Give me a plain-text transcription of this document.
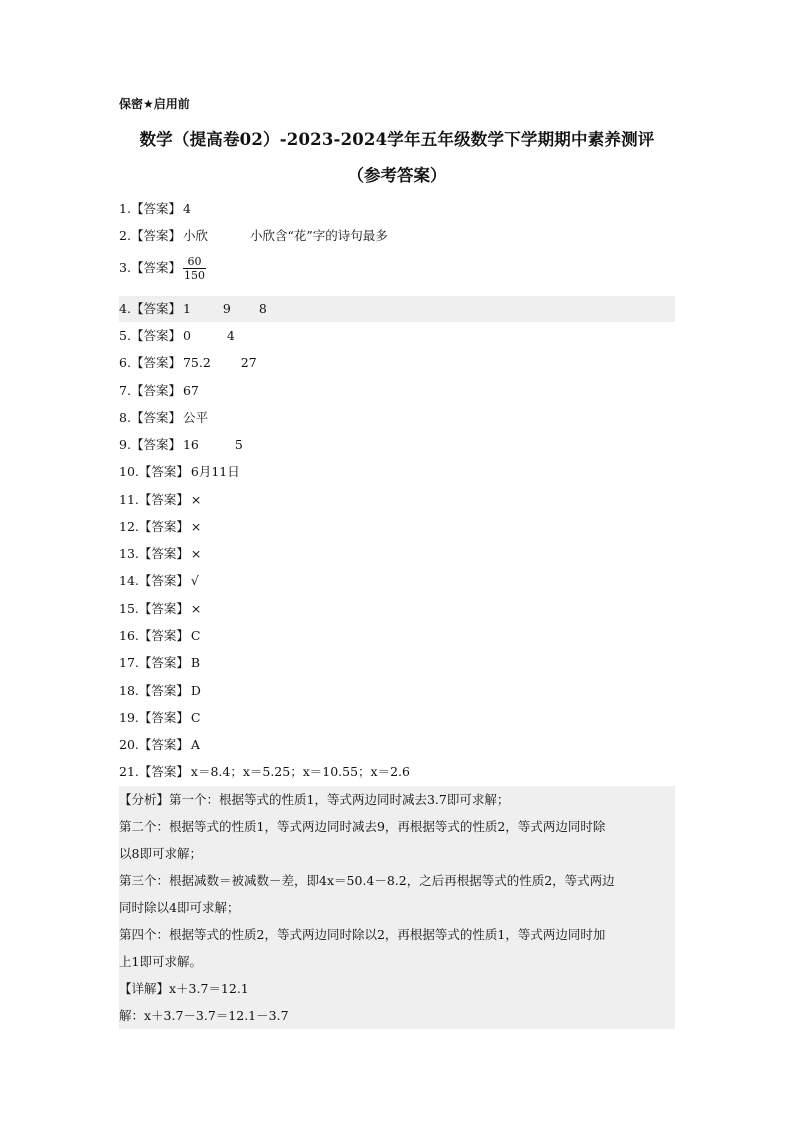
保密★启用前
数学（提高卷02）-2023-2024学年五年级数学下学期期中素养测评
（参考答案）
1.【答案】 4
2.【答案】 小欣	小欣含“花”字的诗句最多
3.【答案】 $\frac{60}{150}$
4.【答案】 1	9 8
5.【答案】 0	4
6.【答案】 75.2 27
7.【答案】 67
8.【答案】 公平
9.【答案】 16	5
10.【答案】 6月11日
11.【答案】 ×
12.【答案】 ×
13.【答案】 ×
14.【答案】 √
15.【答案】 ×
16.【答案】 C
17.【答案】 B
18.【答案】 D
19.【答案】 C
20.【答案】 A
21.【答案】 x＝8.4；x＝5.25；x＝10.55；x＝2.6
【分析】第一个：根据等式的性质1，等式两边同时减去3.7即可求解；
第二个：根据等式的性质1，等式两边同时减去9，再根据等式的性质2，等式两边同时除
以8即可求解；
第三个：根据减数＝被减数－差，即4x＝50.4－8.2，之后再根据等式的性质2，等式两边
同时除以4即可求解；
第四个：根据等式的性质2，等式两边同时除以2，再根据等式的性质1，等式两边同时加
上1即可求解。
【详解】x＋3.7＝12.1
解：x＋3.7－3.7＝12.1－3.7
